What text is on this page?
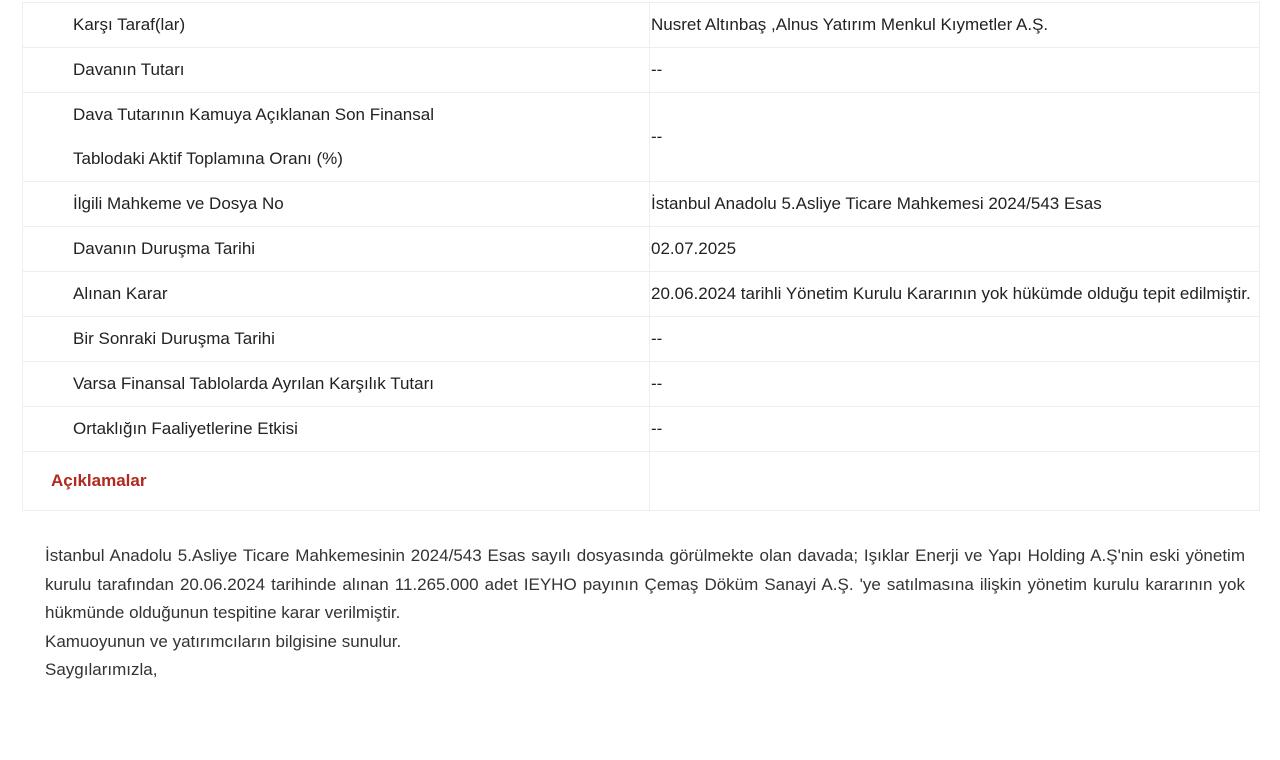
Karşı Taraf(lar)	Nusret Altınbaş ,Alnus Yatırım Menkul Kıymetler A.Ş.
Davanın Tutarı	--
Dava Tutarının Kamuya Açıklanan Son Finansal
Tablodaki Aktif Toplamına Oranı (%)	--
İlgili Mahkeme ve Dosya No	İstanbul Anadolu 5.Asliye Ticare Mahkemesi 2024/543 Esas
Davanın Duruşma Tarihi	02.07.2025
Alınan Karar	20.06.2024 tarihli Yönetim Kurulu Kararının yok hükümde olduğu tepit edilmiştir.
Bir Sonraki Duruşma Tarihi	--
Varsa Finansal Tablolarda Ayrılan Karşılık Tutarı	--
Ortaklığın Faaliyetlerine Etkisi	--
Açıklamalar	

İstanbul Anadolu 5.Asliye Ticare Mahkemesinin 2024/543 Esas sayılı dosyasında görülmekte olan davada; Işıklar Enerji ve Yapı Holding A.Ş'nin eski yönetim kurulu tarafından 20.06.2024 tarihinde alınan 11.265.000 adet IEYHO payının Çemaş Döküm Sanayi A.Ş. 'ye satılmasına ilişkin yönetim kurulu kararının yok hükmünde olduğunun tespitine karar verilmiştir.

Kamuoyunun ve yatırımcıların bilgisine sunulur.

Saygılarımızla,
